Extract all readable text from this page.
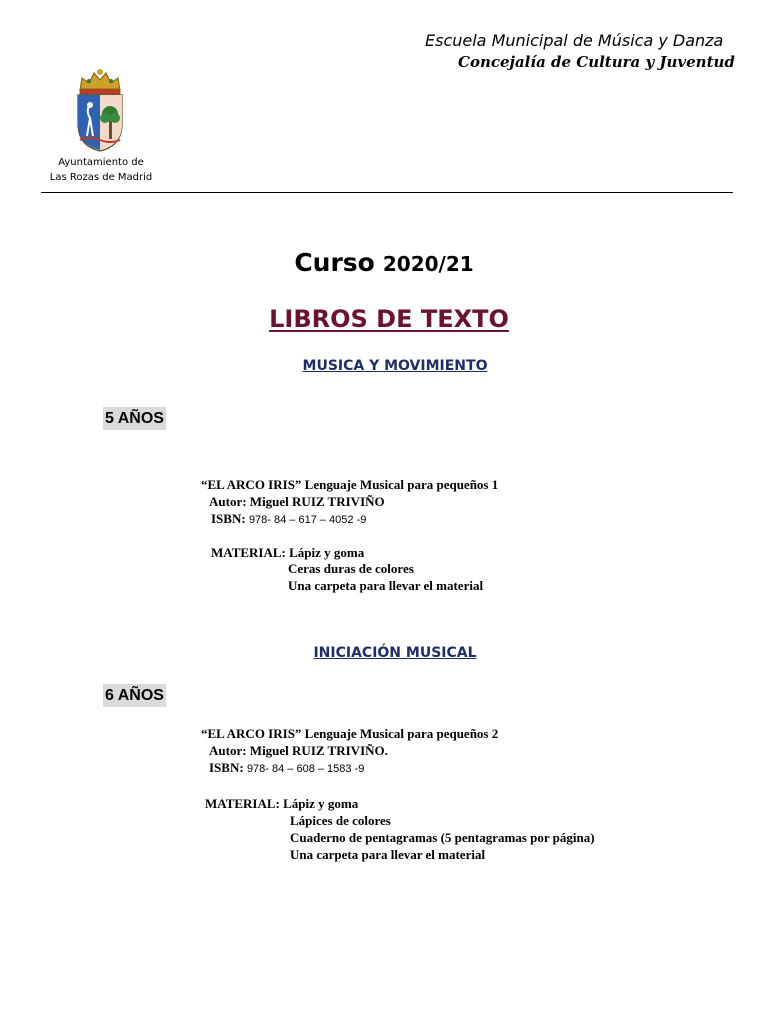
Escuela Municipal de Música y Danza
Concejalía de Cultura y Juventud
Ayuntamiento de
Las Rozas de Madrid
Curso 2020/21
LIBROS DE TEXTO
MUSICA Y MOVIMIENTO
5 AÑOS
“EL ARCO IRIS” Lenguaje Musical para pequeños 1
Autor: Miguel RUIZ TRIVIÑO
ISBN: 978- 84 – 617 – 4052 -9
MATERIAL: Lápiz y goma
Ceras duras de colores
Una carpeta para llevar el material
INICIACIÓN MUSICAL
6 AÑOS
“EL ARCO IRIS” Lenguaje Musical para pequeños 2
Autor: Miguel RUIZ TRIVIÑO.
ISBN: 978- 84 – 608 – 1583 -9
MATERIAL: Lápiz y goma
Lápices de colores
Cuaderno de pentagramas (5 pentagramas por página)
Una carpeta para llevar el material
